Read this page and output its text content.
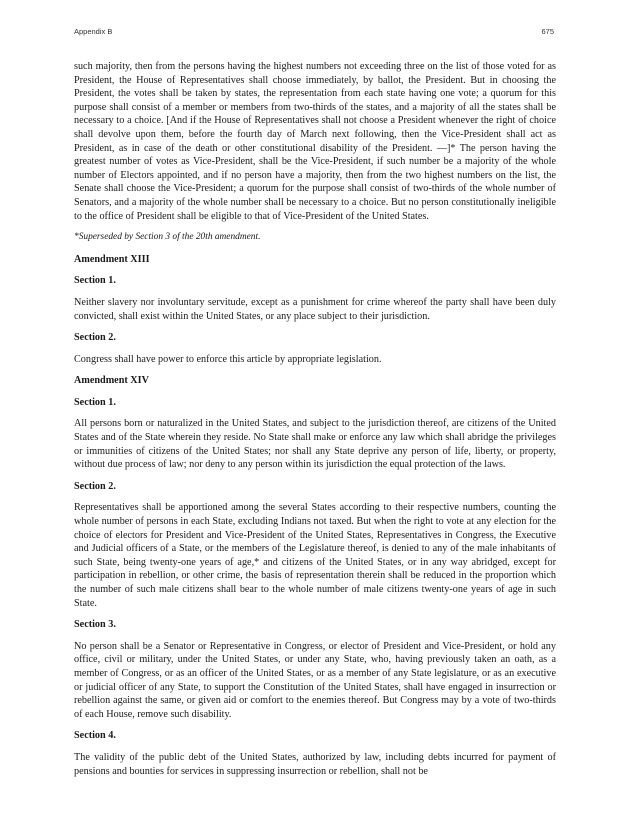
Appendix B	675

such majority, then from the persons having the highest numbers not exceeding three on the list of those voted for as President, the House of Representatives shall choose immediately, by ballot, the President. But in choosing the President, the votes shall be taken by states, the representation from each state having one vote; a quorum for this purpose shall consist of a member or members from two-thirds of the states, and a majority of all the states shall be necessary to a choice. [And if the House of Representatives shall not choose a President whenever the right of choice shall devolve upon them, before the fourth day of March next following, then the Vice-President shall act as President, as in case of the death or other constitutional disability of the President. —]* The person having the greatest number of votes as Vice-President, shall be the Vice-President, if such number be a majority of the whole number of Electors appointed, and if no person have a majority, then from the two highest numbers on the list, the Senate shall choose the Vice-President; a quorum for the purpose shall consist of two-thirds of the whole number of Senators, and a majority of the whole number shall be necessary to a choice. But no person constitutionally ineligible to the office of President shall be eligible to that of Vice-President of the United States.

*Superseded by Section 3 of the 20th amendment.

Amendment XIII
Section 1.

Neither slavery nor involuntary servitude, except as a punishment for crime whereof the party shall have been duly convicted, shall exist within the United States, or any place subject to their jurisdiction.

Section 2.

Congress shall have power to enforce this article by appropriate legislation.

Amendment XIV
Section 1.

All persons born or naturalized in the United States, and subject to the jurisdiction thereof, are citizens of the United States and of the State wherein they reside. No State shall make or enforce any law which shall abridge the privileges or immunities of citizens of the United States; nor shall any State deprive any person of life, liberty, or property, without due process of law; nor deny to any person within its jurisdiction the equal protection of the laws.

Section 2.

Representatives shall be apportioned among the several States according to their respective numbers, counting the whole number of persons in each State, excluding Indians not taxed. But when the right to vote at any election for the choice of electors for President and Vice-President of the United States, Representatives in Congress, the Executive and Judicial officers of a State, or the members of the Legislature thereof, is denied to any of the male inhabitants of such State, being twenty-one years of age,* and citizens of the United States, or in any way abridged, except for participation in rebellion, or other crime, the basis of representation therein shall be reduced in the proportion which the number of such male citizens shall bear to the whole number of male citizens twenty-one years of age in such State.

Section 3.

No person shall be a Senator or Representative in Congress, or elector of President and Vice-President, or hold any office, civil or military, under the United States, or under any State, who, having previously taken an oath, as a member of Congress, or as an officer of the United States, or as a member of any State legislature, or as an executive or judicial officer of any State, to support the Constitution of the United States, shall have engaged in insurrection or rebellion against the same, or given aid or comfort to the enemies thereof. But Congress may by a vote of two-thirds of each House, remove such disability.

Section 4.

The validity of the public debt of the United States, authorized by law, including debts incurred for payment of pensions and bounties for services in suppressing insurrection or rebellion, shall not be
